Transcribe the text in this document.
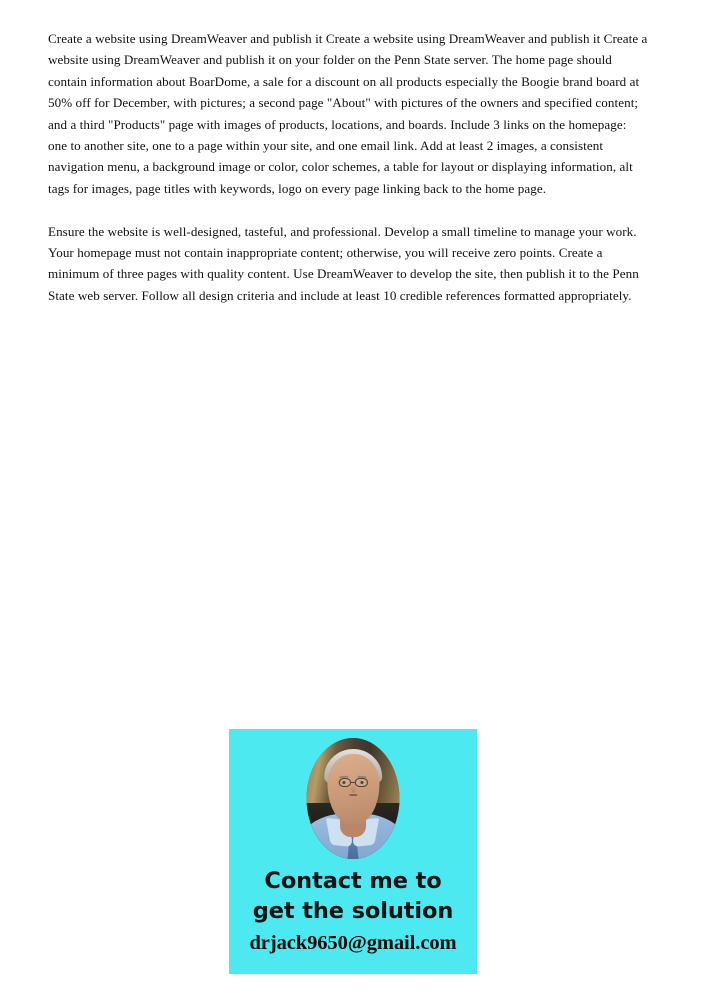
Create a website using DreamWeaver and publish it Create a website using DreamWeaver and publish it Create a website using DreamWeaver and publish it on your folder on the Penn State server. The home page should contain information about BoarDome, a sale for a discount on all products especially the Boogie brand board at 50% off for December, with pictures; a second page "About" with pictures of the owners and specified content; and a third "Products" page with images of products, locations, and boards. Include 3 links on the homepage: one to another site, one to a page within your site, and one email link. Add at least 2 images, a consistent navigation menu, a background image or color, color schemes, a table for layout or displaying information, alt tags for images, page titles with keywords, logo on every page linking back to the home page.

Ensure the website is well-designed, tasteful, and professional. Develop a small timeline to manage your work. Your homepage must not contain inappropriate content; otherwise, you will receive zero points. Create a minimum of three pages with quality content. Use DreamWeaver to develop the site, then publish it to the Penn State web server. Follow all design criteria and include at least 10 credible references formatted appropriately.

Contact me to
get the solution
drjack9650@gmail.com
